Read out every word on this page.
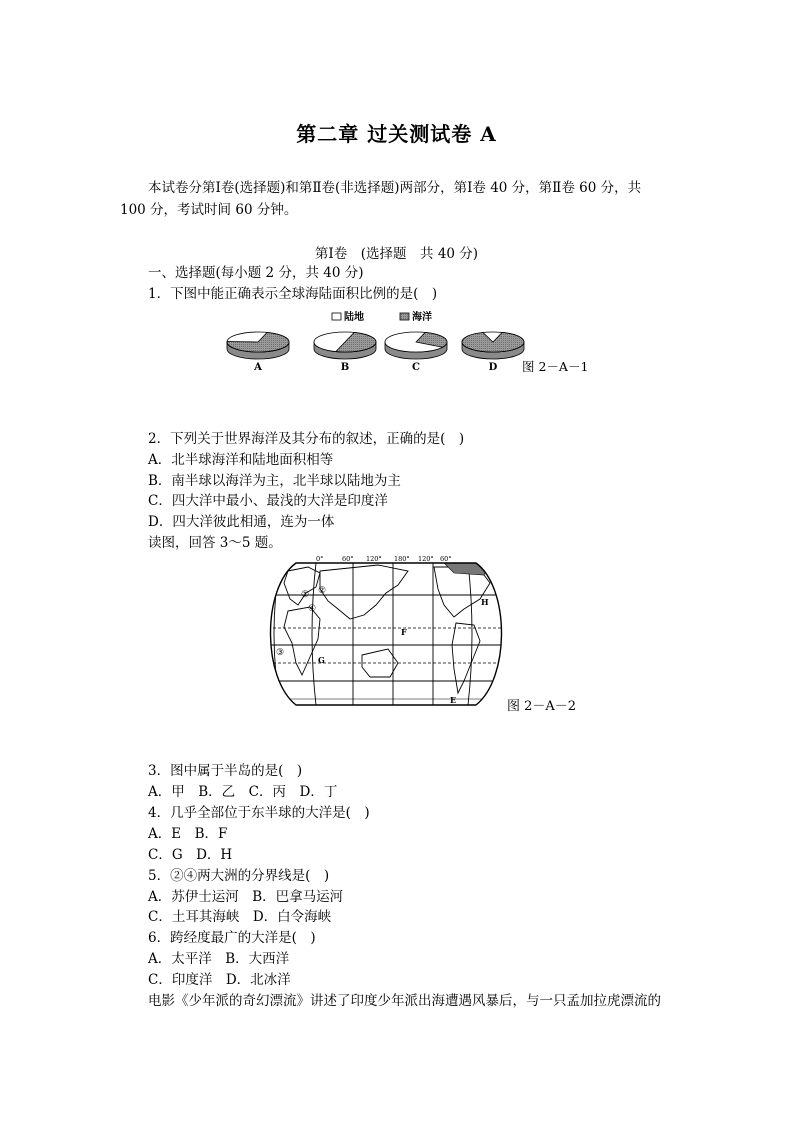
第二章 过关测试卷 A
本试卷分第Ⅰ卷(选择题)和第Ⅱ卷(非选择题)两部分，第Ⅰ卷 40 分，第Ⅱ卷 60 分，共
100 分，考试时间 60 分钟。
第Ⅰ卷　(选择题　共 40 分)
一、选择题(每小题 2 分，共 40 分)
1．下图中能正确表示全球海陆面积比例的是(　)
陆地	海洋
A	B	C	D 图 2－A－1
2．下列关于世界海洋及其分布的叙述，正确的是(　)
A．北半球海洋和陆地面积相等
B．南半球以海洋为主，北半球以陆地为主
C．四大洋中最小、最浅的大洋是印度洋
D．四大洋彼此相通，连为一体
读图，回答 3～5 题。
0°	60° 120° 180° 120° 60°
③
④
②
①
F
G
H
E	图 2－A－2
3．图中属于半岛的是(　)
A．甲　B．乙　C．丙　D．丁
4．几乎全部位于东半球的大洋是(　)
A．E　B．F
C．G　D．H
5．②④两大洲的分界线是(　)
A．苏伊士运河　B．巴拿马运河
C．土耳其海峡　D．白令海峡
6．跨经度最广的大洋是(　)
A．太平洋　B．大西洋
C．印度洋　D．北冰洋
电影《少年派的奇幻漂流》讲述了印度少年派出海遭遇风暴后，与一只孟加拉虎漂流的
